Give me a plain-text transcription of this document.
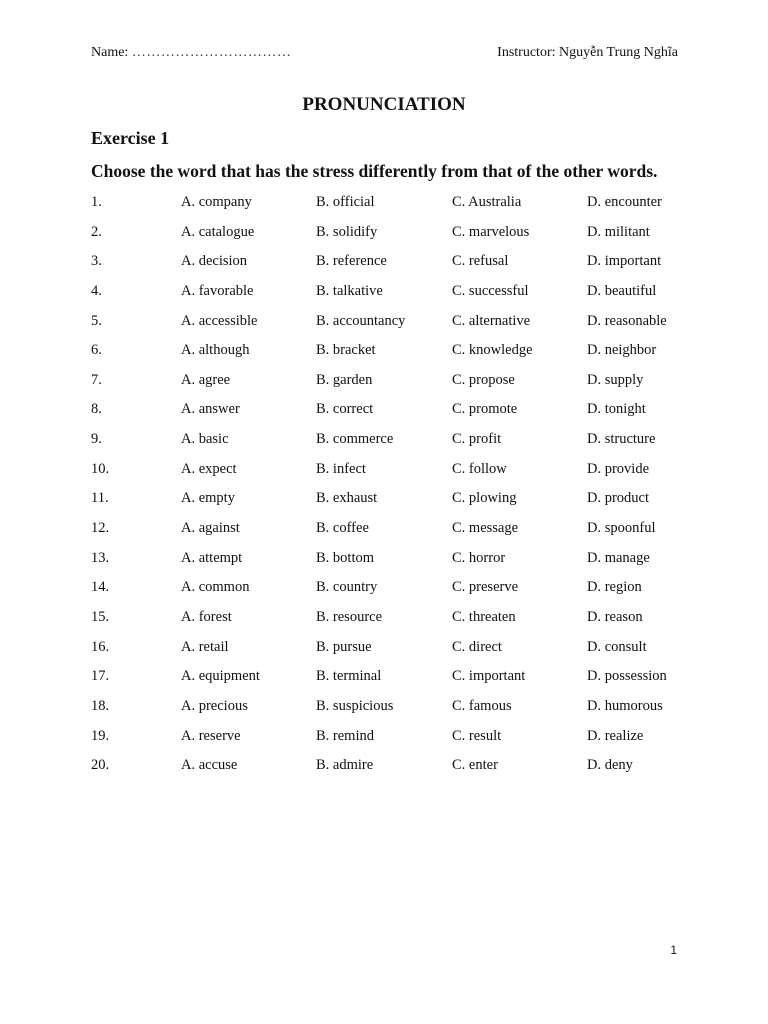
Name: ……………………………	Instructor: Nguyễn Trung Nghĩa
PRONUNCIATION
Exercise 1
Choose the word that has the stress differently from that of the other words.
1.	A. company	B. official	C. Australia	D. encounter
2.	A. catalogue	B. solidify	C. marvelous	D. militant
3.	A. decision	B. reference	C. refusal	D. important
4.	A. favorable	B. talkative	C. successful	D. beautiful
5.	A. accessible	B. accountancy	C. alternative	D. reasonable
6.	A. although	B. bracket	C. knowledge	D. neighbor
7.	A. agree	B. garden	C. propose	D. supply
8.	A. answer	B. correct	C. promote	D. tonight
9.	A. basic	B. commerce	C. profit	D. structure
10.	A. expect	B. infect	C. follow	D. provide
11.	A. empty	B. exhaust	C. plowing	D. product
12.	A. against	B. coffee	C. message	D. spoonful
13.	A. attempt	B. bottom	C. horror	D. manage
14.	A. common	B. country	C. preserve	D. region
15.	A. forest	B. resource	C. threaten	D. reason
16.	A. retail	B. pursue	C. direct	D. consult
17.	A. equipment	B. terminal	C. important	D. possession
18.	A. precious	B. suspicious	C. famous	D. humorous
19.	A. reserve	B. remind	C. result	D. realize
20.	A. accuse	B. admire	C. enter	D. deny
1
